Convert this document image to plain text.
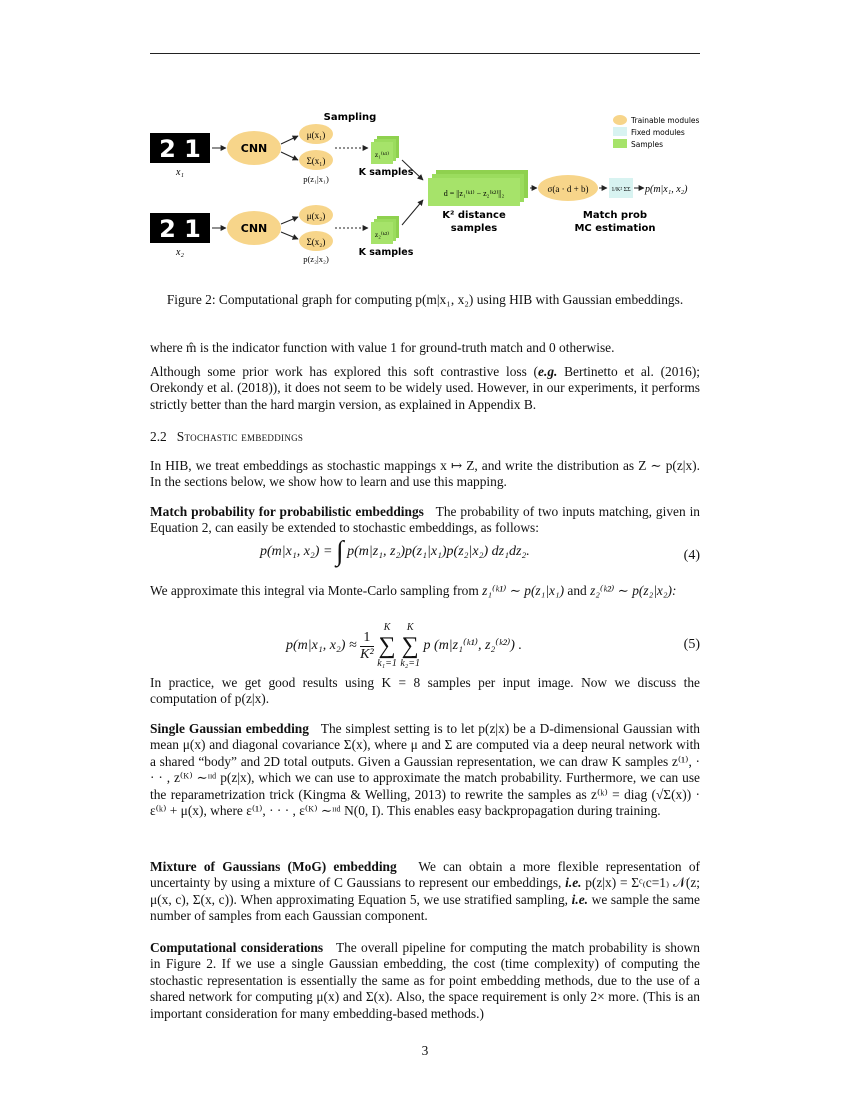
Sampling
2 1
x₁
CNN
μ(x₁)
Σ(x₁)
p(z₁|x₁)
z₁⁽ᵏ¹⁾
K samples
2 1
x₂
CNN
μ(x₂)
Σ(x₂)
p(z₂|x₂)
z₂⁽ᵏ²⁾
K samples
d = ||z₁⁽ᵏ¹⁾ − z₂⁽ᵏ²⁾||₂
K² distance
samples
σ(a · d + b)	1/K² ΣΣ p(m|x₁, x₂)
Match prob
MC estimation
Trainable modules
Fixed modules
Samples
Figure 2: Computational graph for computing p(m|x₁, x₂) using HIB with Gaussian embeddings.
where m̂ is the indicator function with value 1 for ground-truth match and 0 otherwise.
Although some prior work has explored this soft contrastive loss (e.g. Bertinetto et al. (2016); Orekondy et al. (2018)), it does not seem to be widely used. However, in our experiments, it performs strictly better than the hard margin version, as explained in Appendix B.
2.2 Stochastic embeddings
In HIB, we treat embeddings as stochastic mappings x ↦ Z, and write the distribution as Z ∼ p(z|x). In the sections below, we show how to learn and use this mapping.
Match probability for probabilistic embeddings The probability of two inputs matching, given in Equation 2, can easily be extended to stochastic embeddings, as follows:
p(m|x₁, x₂) = ∫ p(m|z₁, z₂)p(z₁|x₁)p(z₂|x₂) dz₁dz₂.	(4)
We approximate this integral via Monte-Carlo sampling from z₁⁽ᵏ¹⁾ ∼ p(z₁|x₁) and z₂⁽ᵏ²⁾ ∼ p(z₂|x₂):
p(m|x₁, $x_2) \approx \frac{1}{\text{K²}}$

K
∑
k₁=1

K
∑
k₂=1
p (m|z₁⁽ᵏ¹⁾, z₂⁽ᵏ²⁾) .	(5)
In practice, we get good results using K = 8 samples per input image. Now we discuss the computation of p(z|x).
Single Gaussian embedding The simplest setting is to let p(z|x) be a D-dimensional Gaussian with mean μ(x) and diagonal covariance Σ(x), where μ and Σ are computed via a deep neural network with a shared “body” and 2D total outputs. Given a Gaussian representation, we can draw K samples z⁽¹⁾, · · · , z⁽ᴷ⁾ ∼ᶦᶦᵈ p(z|x), which we can use to approximate the match probability. Furthermore, we can use the reparametrization trick (Kingma & Welling, 2013) to rewrite the samples as z⁽ᵏ⁾ = diag (√Σ(x)) · ε⁽ᵏ⁾ + μ(x), where ε⁽¹⁾, · · · , ε⁽ᴷ⁾ ∼ᶦᶦᵈ N(0, I). This enables easy backpropagation during training.
Mixture of Gaussians (MoG) embedding We can obtain a more flexible representation of uncertainty by using a mixture of C Gaussians to represent our embeddings, i.e. p(z|x) = Σᶜ₍c=1₎ 𝒩(z; μ(x, c), Σ(x, c)). When approximating Equation 5, we use stratified sampling, i.e. we sample the same number of samples from each Gaussian component.
Computational considerations The overall pipeline for computing the match probability is shown in Figure 2. If we use a single Gaussian embedding, the cost (time complexity) of computing the stochastic representation is essentially the same as for point embedding methods, due to the use of a shared network for computing μ(x) and Σ(x). Also, the space requirement is only 2× more. (This is an important consideration for many embedding-based methods.)
3
